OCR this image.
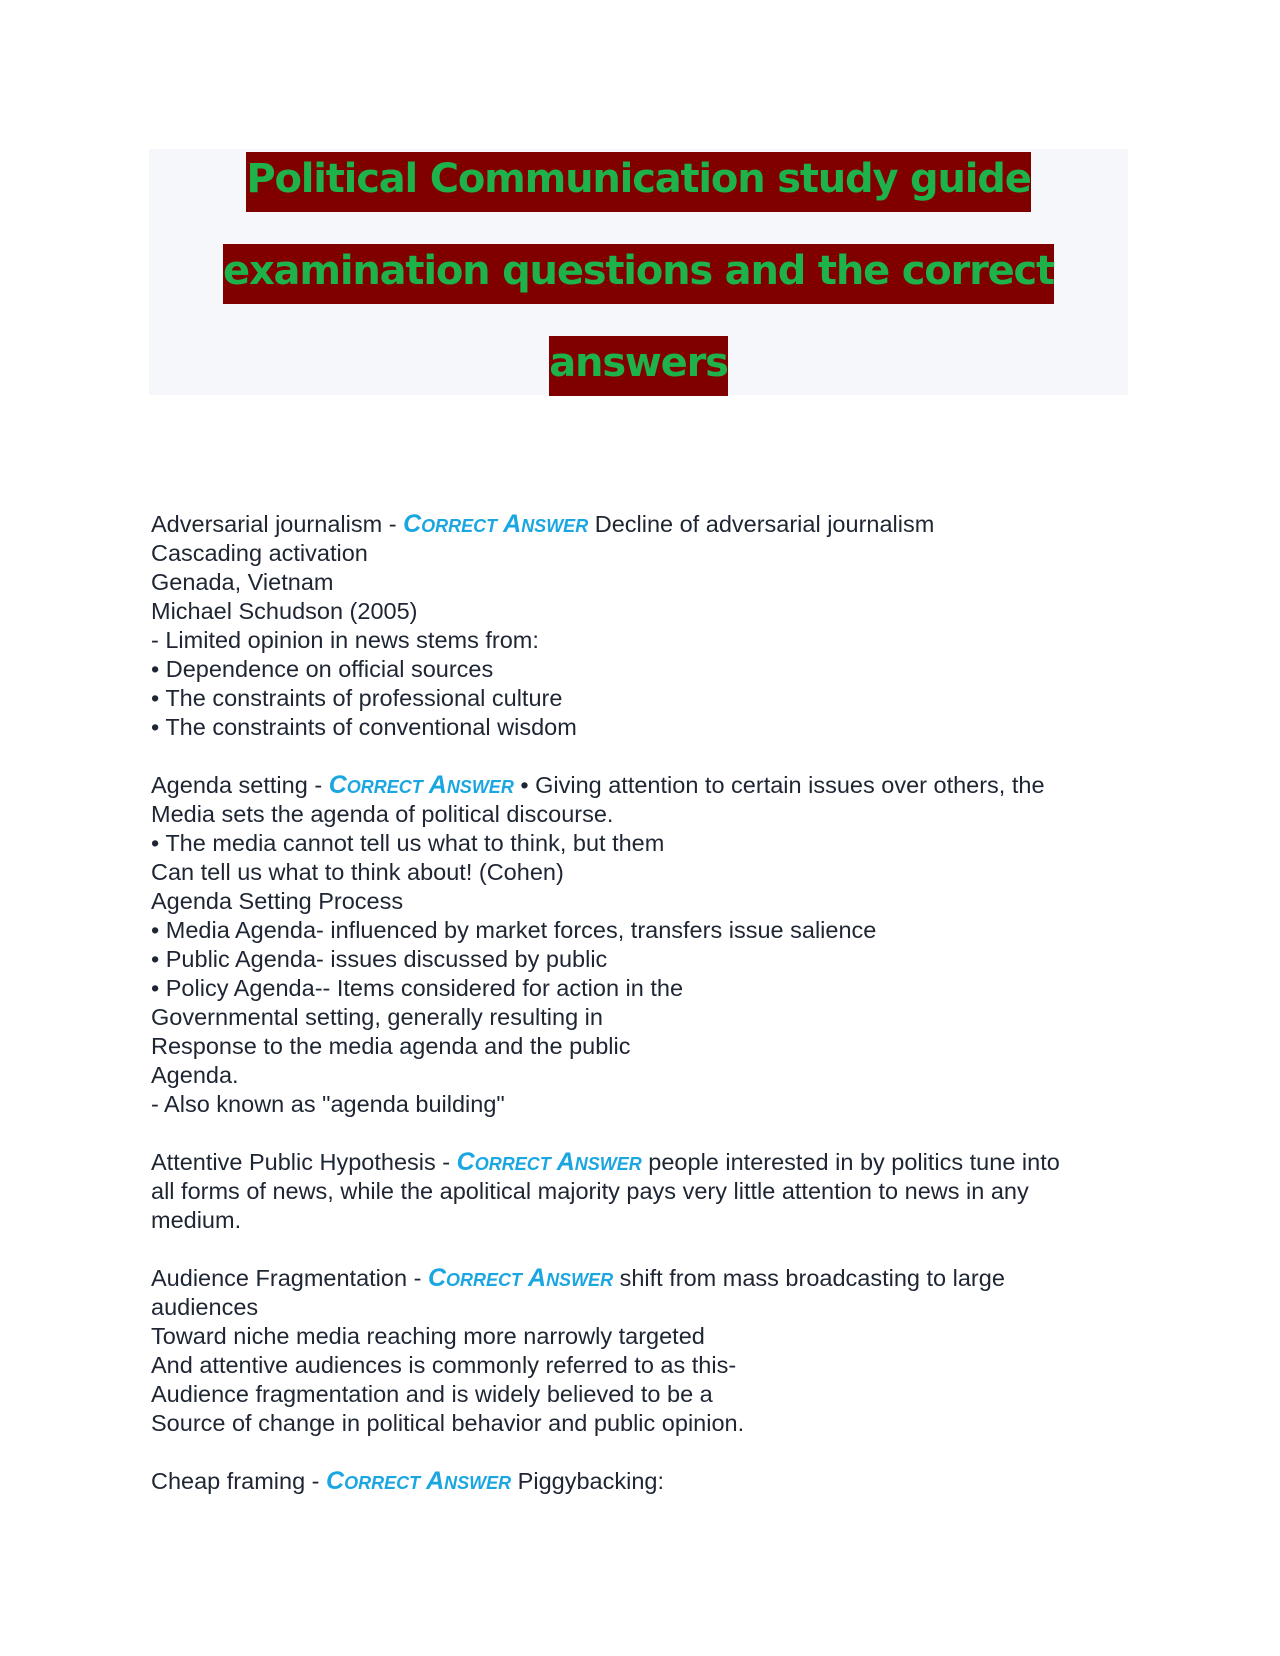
Political Communication study guide
examination questions and the correct
answers
Adversarial journalism - Correct Answer Decline of adversarial journalism
Cascading activation
Genada, Vietnam
Michael Schudson (2005)
- Limited opinion in news stems from:
• Dependence on official sources
• The constraints of professional culture
• The constraints of conventional wisdom
Agenda setting - Correct Answer • Giving attention to certain issues over others, the
Media sets the agenda of political discourse.
• The media cannot tell us what to think, but them
Can tell us what to think about! (Cohen)
Agenda Setting Process
• Media Agenda- influenced by market forces, transfers issue salience
• Public Agenda- issues discussed by public
• Policy Agenda-- Items considered for action in the
Governmental setting, generally resulting in
Response to the media agenda and the public
Agenda.
- Also known as "agenda building"
Attentive Public Hypothesis - Correct Answer people interested in by politics tune into
all forms of news, while the apolitical majority pays very little attention to news in any
medium.
Audience Fragmentation - Correct Answer shift from mass broadcasting to large
audiences
Toward niche media reaching more narrowly targeted
And attentive audiences is commonly referred to as this-
Audience fragmentation and is widely believed to be a
Source of change in political behavior and public opinion.
Cheap framing - Correct Answer Piggybacking:
